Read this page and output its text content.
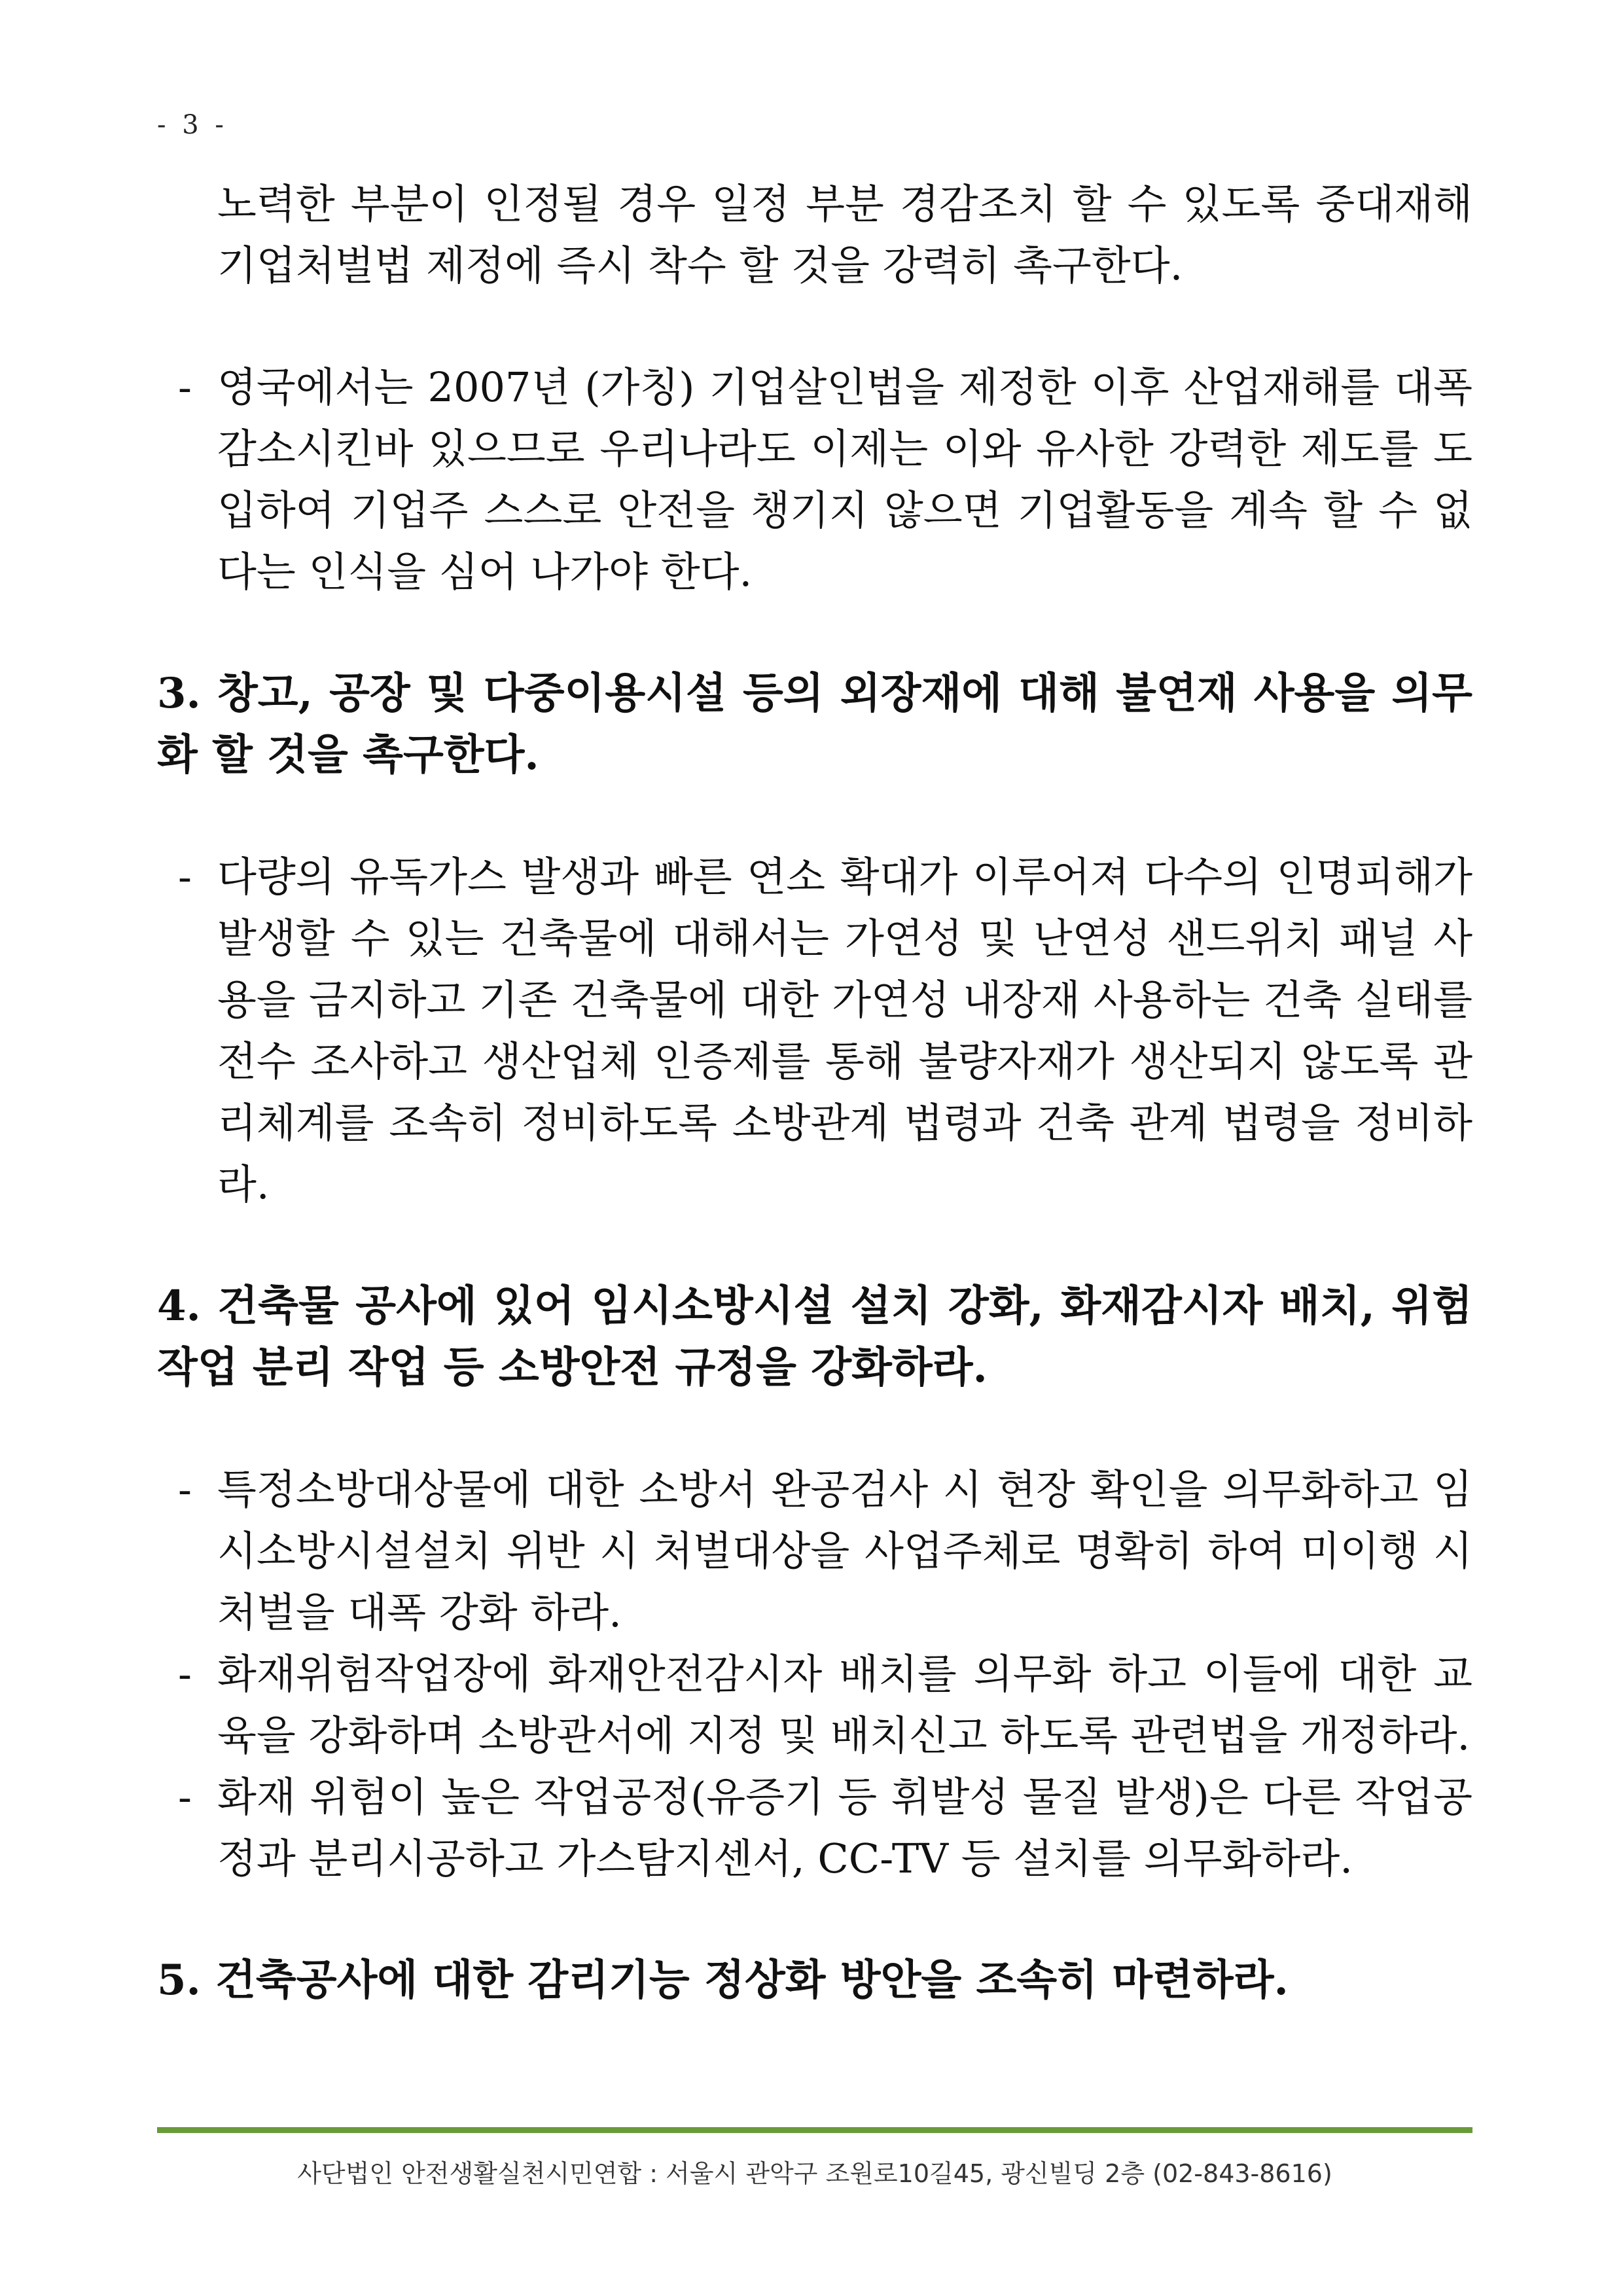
- 3 -
노력한 부분이 인정될 경우 일정 부분 경감조치 할 수 있도록 중대재해기업처벌법 제정에 즉시 착수 할 것을 강력히 촉구한다.
- 영국에서는 2007년 (가칭) 기업살인법을 제정한 이후 산업재해를 대폭 감소시킨바 있으므로 우리나라도 이제는 이와 유사한 강력한 제도를 도입하여 기업주 스스로 안전을 챙기지 않으면 기업활동을 계속 할 수 없다는 인식을 심어 나가야 한다.
3. 창고, 공장 및 다중이용시설 등의 외장재에 대해 불연재 사용을 의무화 할 것을 촉구한다.
- 다량의 유독가스 발생과 빠른 연소 확대가 이루어져 다수의 인명피해가 발생할 수 있는 건축물에 대해서는 가연성 및 난연성 샌드위치 패널 사용을 금지하고 기존 건축물에 대한 가연성 내장재 사용하는 건축 실태를 전수 조사하고 생산업체 인증제를 통해 불량자재가 생산되지 않도록 관리체계를 조속히 정비하도록 소방관계 법령과 건축 관계 법령을 정비하라.
4. 건축물 공사에 있어 임시소방시설 설치 강화, 화재감시자 배치, 위험작업 분리 작업 등 소방안전 규정을 강화하라.
- 특정소방대상물에 대한 소방서 완공검사 시 현장 확인을 의무화하고 임시소방시설설치 위반 시 처벌대상을 사업주체로 명확히 하여 미이행 시 처벌을 대폭 강화 하라.
- 화재위험작업장에 화재안전감시자 배치를 의무화 하고 이들에 대한 교육을 강화하며 소방관서에 지정 및 배치신고 하도록 관련법을 개정하라.
- 화재 위험이 높은 작업공정(유증기 등 휘발성 물질 발생)은 다른 작업공정과 분리시공하고 가스탐지센서, CC-TV 등 설치를 의무화하라.
5. 건축공사에 대한 감리기능 정상화 방안을 조속히 마련하라.
사단법인 안전생활실천시민연합 : 서울시 관악구 조원로10길45, 광신빌딩 2층 (02-843-8616)
